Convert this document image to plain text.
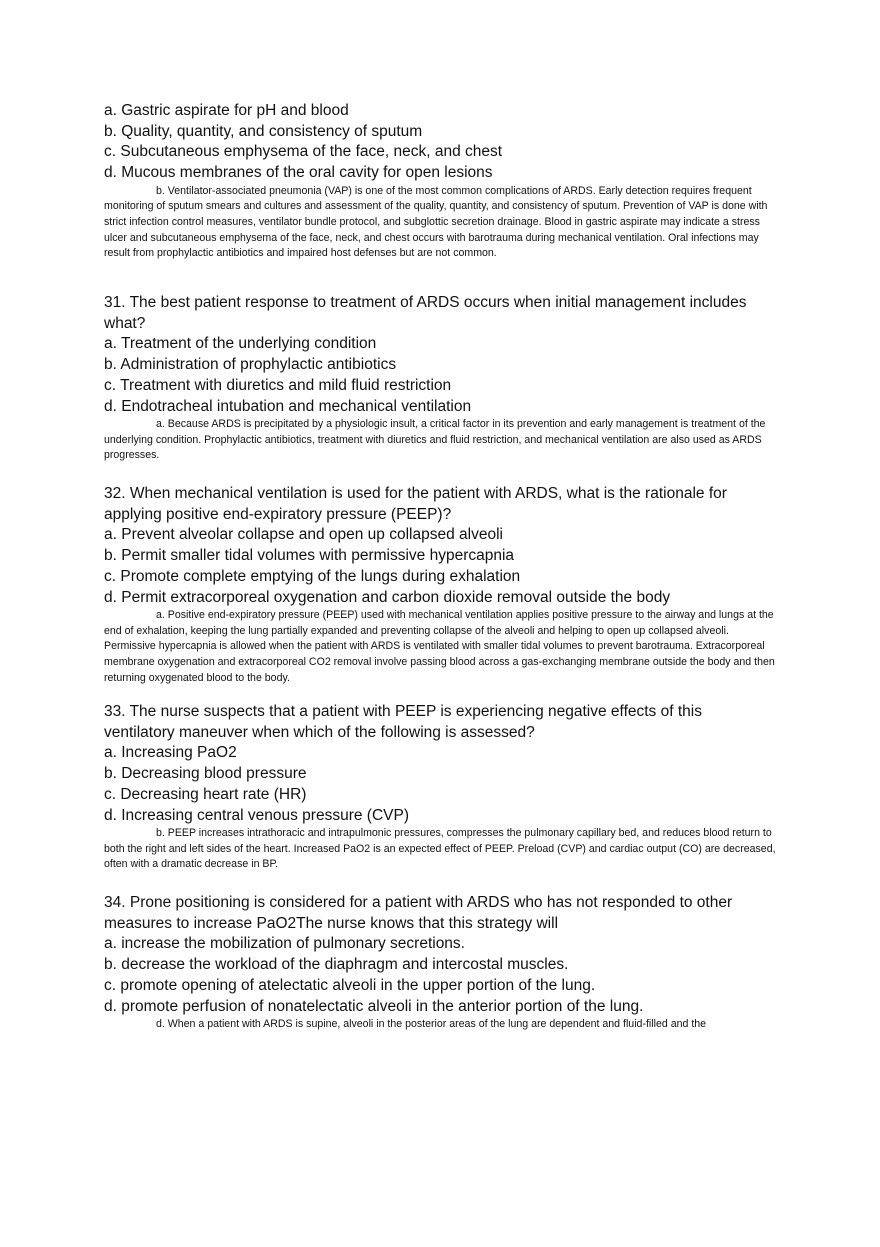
a. Gastric aspirate for pH and blood

b. Quality, quantity, and consistency of sputum

c. Subcutaneous emphysema of the face, neck, and chest

d. Mucous membranes of the oral cavity for open lesions

b. Ventilator-associated pneumonia (VAP) is one of the most common complications of ARDS. Early detection requires frequent monitoring of sputum smears and cultures and assessment of the quality, quantity, and consistency of sputum. Prevention of VAP is done with strict infection control measures, ventilator bundle protocol, and subglottic secretion drainage. Blood in gastric aspirate may indicate a stress ulcer and subcutaneous emphysema of the face, neck, and chest occurs with barotrauma during mechanical ventilation. Oral infections may result from prophylactic antibiotics and impaired host defenses but are not common.

31. The best patient response to treatment of ARDS occurs when initial management includes what?

a. Treatment of the underlying condition

b. Administration of prophylactic antibiotics

c. Treatment with diuretics and mild fluid restriction

d. Endotracheal intubation and mechanical ventilation

a. Because ARDS is precipitated by a physiologic insult, a critical factor in its prevention and early management is treatment of the underlying condition. Prophylactic antibiotics, treatment with diuretics and fluid restriction, and mechanical ventilation are also used as ARDS progresses.

32. When mechanical ventilation is used for the patient with ARDS, what is the rationale for applying positive end-expiratory pressure (PEEP)?

a. Prevent alveolar collapse and open up collapsed alveoli

b. Permit smaller tidal volumes with permissive hypercapnia

c. Promote complete emptying of the lungs during exhalation

d. Permit extracorporeal oxygenation and carbon dioxide removal outside the body

a. Positive end-expiratory pressure (PEEP) used with mechanical ventilation applies positive pressure to the airway and lungs at the end of exhalation, keeping the lung partially expanded and preventing collapse of the alveoli and helping to open up collapsed alveoli. Permissive hypercapnia is allowed when the patient with ARDS is ventilated with smaller tidal volumes to prevent barotrauma. Extracorporeal membrane oxygenation and extracorporeal CO2 removal involve passing blood across a gas-exchanging membrane outside the body and then returning oxygenated blood to the body.

33. The nurse suspects that a patient with PEEP is experiencing negative effects of this ventilatory maneuver when which of the following is assessed?

a. Increasing PaO2

b. Decreasing blood pressure

c. Decreasing heart rate (HR)

d. Increasing central venous pressure (CVP)

b. PEEP increases intrathoracic and intrapulmonic pressures, compresses the pulmonary capillary bed, and reduces blood return to both the right and left sides of the heart. Increased PaO2 is an expected effect of PEEP. Preload (CVP) and cardiac output (CO) are decreased, often with a dramatic decrease in BP.

34. Prone positioning is considered for a patient with ARDS who has not responded to other measures to increase PaO2The nurse knows that this strategy will

a. increase the mobilization of pulmonary secretions.

b. decrease the workload of the diaphragm and intercostal muscles.

c. promote opening of atelectatic alveoli in the upper portion of the lung.

d. promote perfusion of nonatelectatic alveoli in the anterior portion of the lung.

d. When a patient with ARDS is supine, alveoli in the posterior areas of the lung are dependent and fluid-filled and the
